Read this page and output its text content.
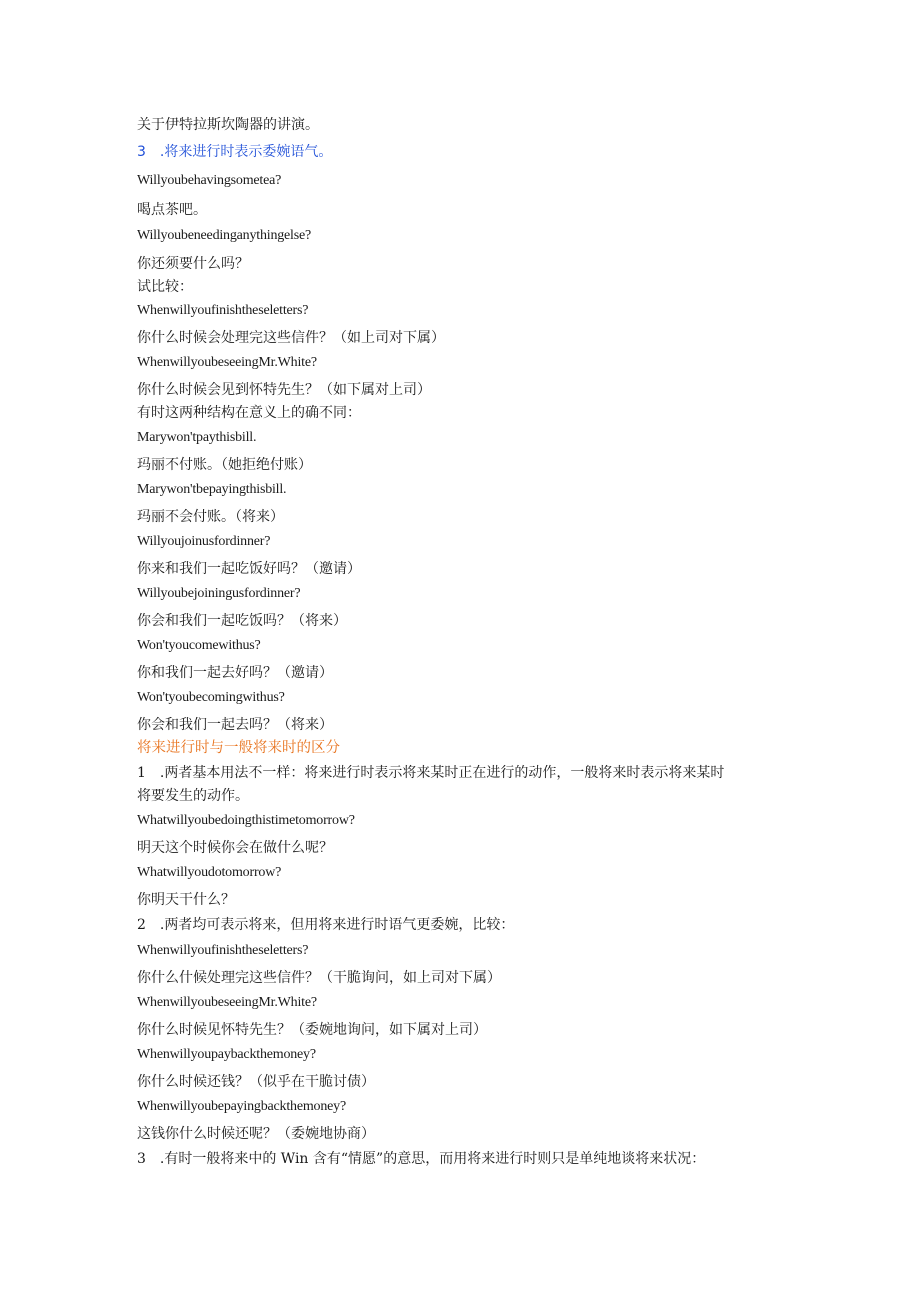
关于伊特拉斯坎陶器的讲演。
3 .将来进行时表示委婉语气。
Willyoubehavingsometea?
喝点茶吧。
Willyoubeneedinganythingelse?
你还须要什么吗？
试比较：
Whenwillyoufinishtheseletters?
你什么时候会处理完这些信件？（如上司对下属）
WhenwillyoubeseeingMr.White?
你什么时候会见到怀特先生？（如下属对上司）
有时这两种结构在意义上的确不同：
Marywon'tpaythisbill.
玛丽不付账。（她拒绝付账）
Marywon'tbepayingthisbill.
玛丽不会付账。（将来）
Willyoujoinusfordinner?
你来和我们一起吃饭好吗？（邀请）
Willyoubejoiningusfordinner?
你会和我们一起吃饭吗？（将来）
Won'tyoucomewithus?
你和我们一起去好吗？（邀请）
Won'tyoubecomingwithus?
你会和我们一起去吗？（将来）
将来进行时与一般将来时的区分
1 .两者基本用法不一样：将来进行时表示将来某时正在进行的动作，一般将来时表示将来某时
将要发生的动作。
Whatwillyoubedoingthistimetomorrow?
明天这个时候你会在做什么呢？
Whatwillyoudotomorrow?
你明天干什么？
2 .两者均可表示将来，但用将来进行时语气更委婉，比较：
Whenwillyoufinishtheseletters?
你什么什候处理完这些信件？（干脆询问，如上司对下属）
WhenwillyoubeseeingMr.White?
你什么时候见怀特先生？（委婉地询问，如下属对上司）
Whenwillyoupaybackthemoney?
你什么时候还钱？（似乎在干脆讨债）
Whenwillyoubepayingbackthemoney?
这钱你什么时候还呢？（委婉地协商）
3 .有时一般将来中的 Win 含有“情愿”的意思，而用将来进行时则只是单纯地谈将来状况：
